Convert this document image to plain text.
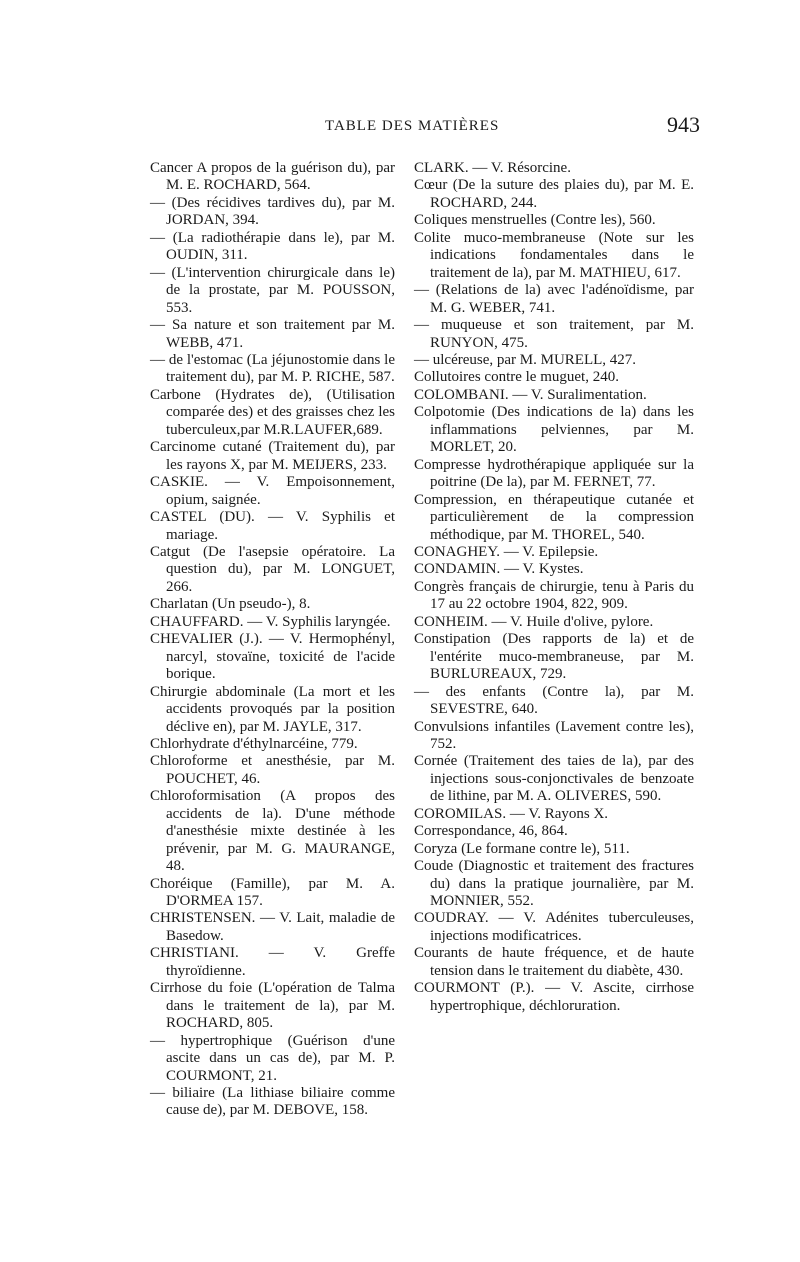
TABLE DES MATIÈRES	943

Cancer A propos de la guérison du), par M. E. ROCHARD, 564.

— (Des récidives tardives du), par M. JORDAN, 394.

— (La radiothérapie dans le), par M. OUDIN, 311.

— (L'intervention chirurgicale dans le) de la prostate, par M. POUSSON, 553.

— Sa nature et son traitement par M. WEBB, 471.

— de l'estomac (La jéjunostomie dans le traitement du), par M. P. RICHE, 587.

Carbone (Hydrates de), (Utilisation comparée des) et des graisses chez les tuberculeux,par M.R.LAUFER,689.

Carcinome cutané (Traitement du), par les rayons X, par M. MEIJERS, 233.

CASKIE. — V. Empoisonnement, opium, saignée.

CASTEL (DU). — V. Syphilis et mariage.

Catgut (De l'asepsie opératoire. La question du), par M. LONGUET, 266.

Charlatan (Un pseudo-), 8.

CHAUFFARD. — V. Syphilis laryngée.

CHEVALIER (J.). — V. Hermophényl, narcyl, stovaïne, toxicité de l'acide borique.

Chirurgie abdominale (La mort et les accidents provoqués par la position déclive en), par M. JAYLE, 317.

Chlorhydrate d'éthylnarcéine, 779.

Chloroforme et anesthésie, par M. POUCHET, 46.

Chloroformisation (A propos des accidents de la). D'une méthode d'anesthésie mixte destinée à les prévenir, par M. G. MAURANGE, 48.

Choréique (Famille), par M. A. D'ORMEA 157.

CHRISTENSEN. — V. Lait, maladie de Basedow.

CHRISTIANI. — V. Greffe thyroïdienne.

Cirrhose du foie (L'opération de Talma dans le traitement de la), par M. ROCHARD, 805.

— hypertrophique (Guérison d'une ascite dans un cas de), par M. P. COURMONT, 21.

— biliaire (La lithiase biliaire comme cause de), par M. DEBOVE, 158.

CLARK. — V. Résorcine.

Cœur (De la suture des plaies du), par M. E. ROCHARD, 244.

Coliques menstruelles (Contre les), 560.

Colite muco-membraneuse (Note sur les indications fondamentales dans le traitement de la), par M. MATHIEU, 617.

— (Relations de la) avec l'adénoïdisme, par M. G. WEBER, 741.

— muqueuse et son traitement, par M. RUNYON, 475.

— ulcéreuse, par M. MURELL, 427.

Collutoires contre le muguet, 240.

COLOMBANI. — V. Suralimentation.

Colpotomie (Des indications de la) dans les inflammations pelviennes, par M. MORLET, 20.

Compresse hydrothérapique appliquée sur la poitrine (De la), par M. FERNET, 77.

Compression, en thérapeutique cutanée et particulièrement de la compression méthodique, par M. THOREL, 540.

CONAGHEY. — V. Epilepsie.

CONDAMIN. — V. Kystes.

Congrès français de chirurgie, tenu à Paris du 17 au 22 octobre 1904, 822, 909.

CONHEIM. — V. Huile d'olive, pylore.

Constipation (Des rapports de la) et de l'entérite muco-membraneuse, par M. BURLUREAUX, 729.

— des enfants (Contre la), par M. SEVESTRE, 640.

Convulsions infantiles (Lavement contre les), 752.

Cornée (Traitement des taies de la), par des injections sous-conjonctivales de benzoate de lithine, par M. A. OLIVERES, 590.

COROMILAS. — V. Rayons X.

Correspondance, 46, 864.

Coryza (Le formane contre le), 511.

Coude (Diagnostic et traitement des fractures du) dans la pratique journalière, par M. MONNIER, 552.

COUDRAY. — V. Adénites tuberculeuses, injections modificatrices.

Courants de haute fréquence, et de haute tension dans le traitement du diabète, 430.

COURMONT (P.). — V. Ascite, cirrhose hypertrophique, déchloruration.
